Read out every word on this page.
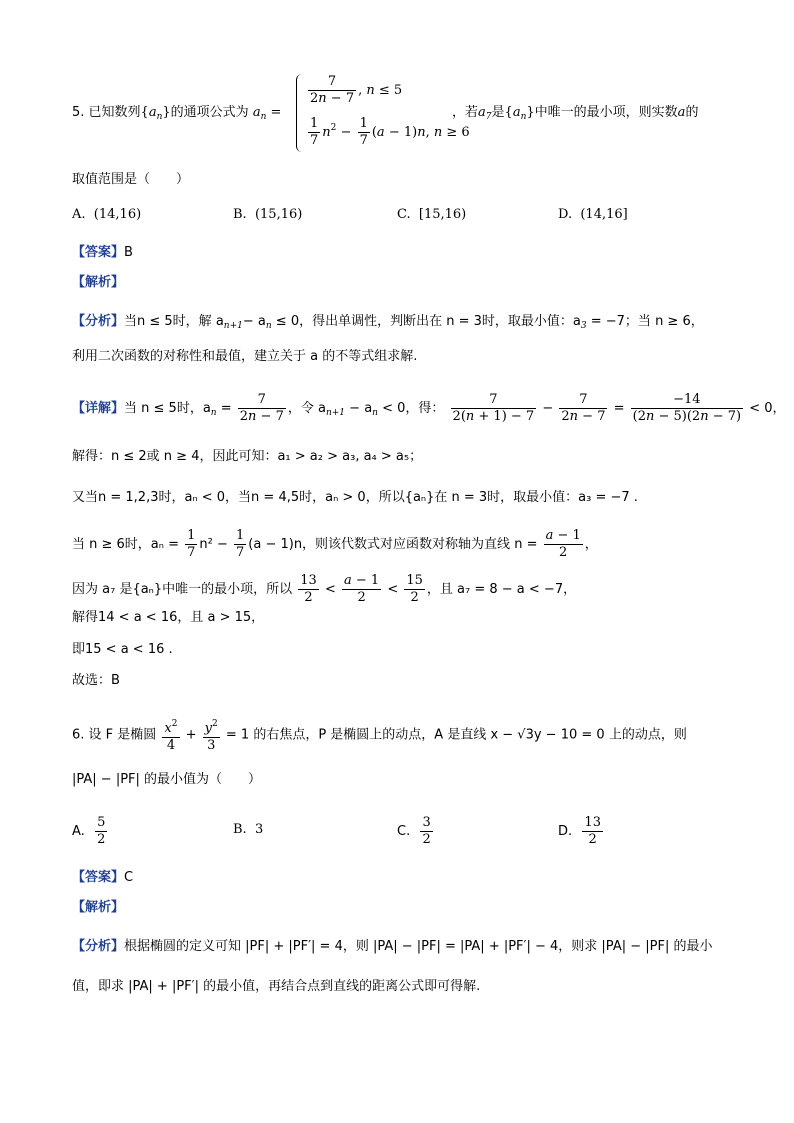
5. 已知数列$\{a_n\}$的通项公式为 $a_n$ =
$\frac{7}{2n - 7}$ , n ≤ 5
$\frac{1}{7} n^2 - \frac{1}{7} (a - 1)n$, n ≥ 6
，若$a_7$是$\{a_n\}$中唯一的最小项，则实数a的
取值范围是（　　）
A. (14,16)	B. (15,16)	C. [15,16)	D. (14,16]
【答案】B
【解析】
【分析】当n ≤ 5时，解 $a_{n+1}- a_n \le 0$，得出单调性，判断出在 n = 3时，取最小值：$a_3 = -7$；当 n ≥ 6，
利用二次函数的对称性和最值，建立关于 a 的不等式组求解.
【详解】当 n ≤ 5时，$a_n = \frac{7}{2n - 7}$ ，令 $a_{n+1} - a_n < 0$，得： $\frac{7}{2(n + 1) - 7} - \frac{7}{2n - 7} = \frac{-14}{(2n - 5)(2n - 7)} < 0$，
解得：n ≤ 2或 n ≥ 4，因此可知：a₁ > a₂ > a₃, a₄ > a₅；
又当n = 1,2,3时，aₙ < 0，当n = 4,5时，aₙ > 0，所以{aₙ}在 n = 3时，取最小值：a₃ = −7 .
当 n ≥ 6时，$a_n = \frac{1}{7} n^2 - \frac{1}{7} (a - 1)n$，则该代数式对应函数对称轴为直线 $n = \frac{a - 1}{2}$ ，
因为 a₇ 是{aₙ}中唯一的最小项，所以 $\frac{13}{2} < \frac{a - 1}{2} < \frac{15}{2}$ ，且 a₇ = 8 − a < −7，
解得14 < a < 16，且 a > 15，
即15 < a < 16 .
故选：B
6. 设 F 是椭圆 $\frac{x^2}{4} + \frac{y^2}{3} = 1$ 的右焦点，P 是椭圆上的动点，A 是直线 x − √3y − 10 = 0 上的动点，则
|PA| − |PF| 的最小值为（　　）
A. $\frac{5}{2}$	B. 3	C. $\frac{3}{2}$	D. $\frac{13}{2}$
【答案】C
【解析】
【分析】根据椭圆的定义可知 |PF| + |PF′| = 4，则 |PA| − |PF| = |PA| + |PF′| − 4，则求 |PA| − |PF| 的最小
值，即求 |PA| + |PF′| 的最小值，再结合点到直线的距离公式即可得解.
